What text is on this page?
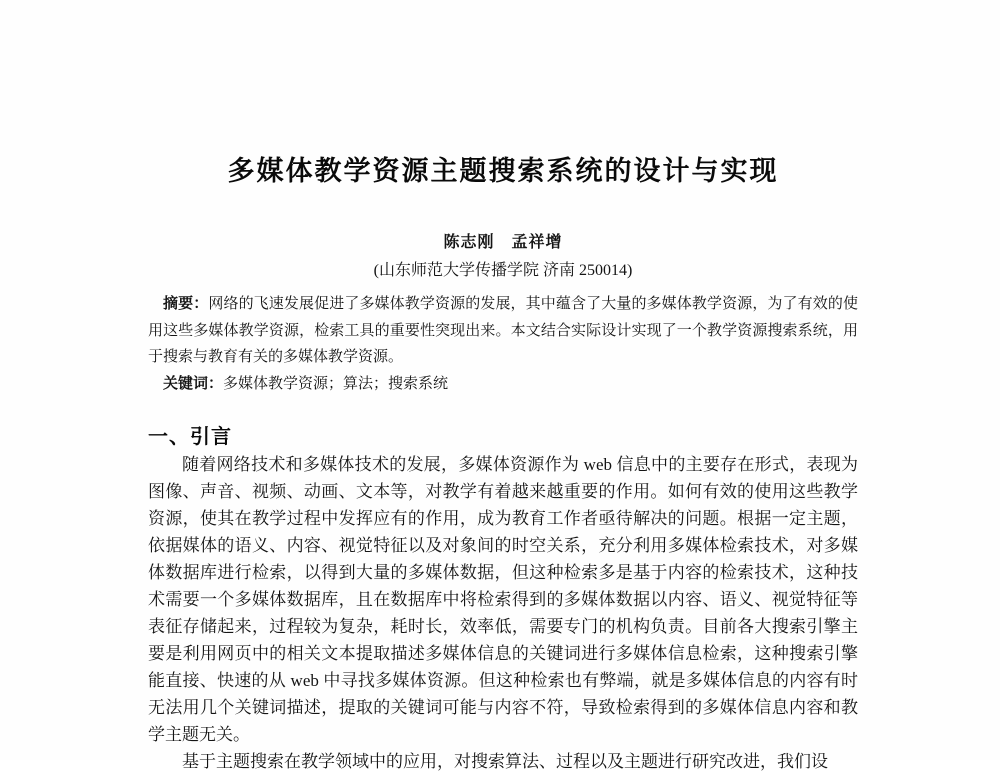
多媒体教学资源主题搜索系统的设计与实现
陈志刚　孟祥增
(山东师范大学传播学院 济南 250014)

摘要：网络的飞速发展促进了多媒体教学资源的发展，其中蕴含了大量的多媒体教学资源，为了有效的使用这些多媒体教学资源，检索工具的重要性突现出来。本文结合实际设计实现了一个教学资源搜索系统，用于搜索与教育有关的多媒体教学资源。

关键词：多媒体教学资源；算法；搜索系统

一、引言

随着网络技术和多媒体技术的发展，多媒体资源作为 web 信息中的主要存在形式，表现为图像、声音、视频、动画、文本等，对教学有着越来越重要的作用。如何有效的使用这些教学资源，使其在教学过程中发挥应有的作用，成为教育工作者亟待解决的问题。根据一定主题，依据媒体的语义、内容、视觉特征以及对象间的时空关系，充分利用多媒体检索技术，对多媒体数据库进行检索，以得到大量的多媒体数据，但这种检索多是基于内容的检索技术，这种技术需要一个多媒体数据库，且在数据库中将检索得到的多媒体数据以内容、语义、视觉特征等表征存储起来，过程较为复杂，耗时长，效率低，需要专门的机构负责。目前各大搜索引擎主要是利用网页中的相关文本提取描述多媒体信息的关键词进行多媒体信息检索，这种搜索引擎能直接、快速的从 web 中寻找多媒体资源。但这种检索也有弊端，就是多媒体信息的内容有时无法用几个关键词描述，提取的关键词可能与内容不符，导致检索得到的多媒体信息内容和教学主题无关。

基于主题搜索在教学领域中的应用，对搜索算法、过程以及主题进行研究改进，我们设
